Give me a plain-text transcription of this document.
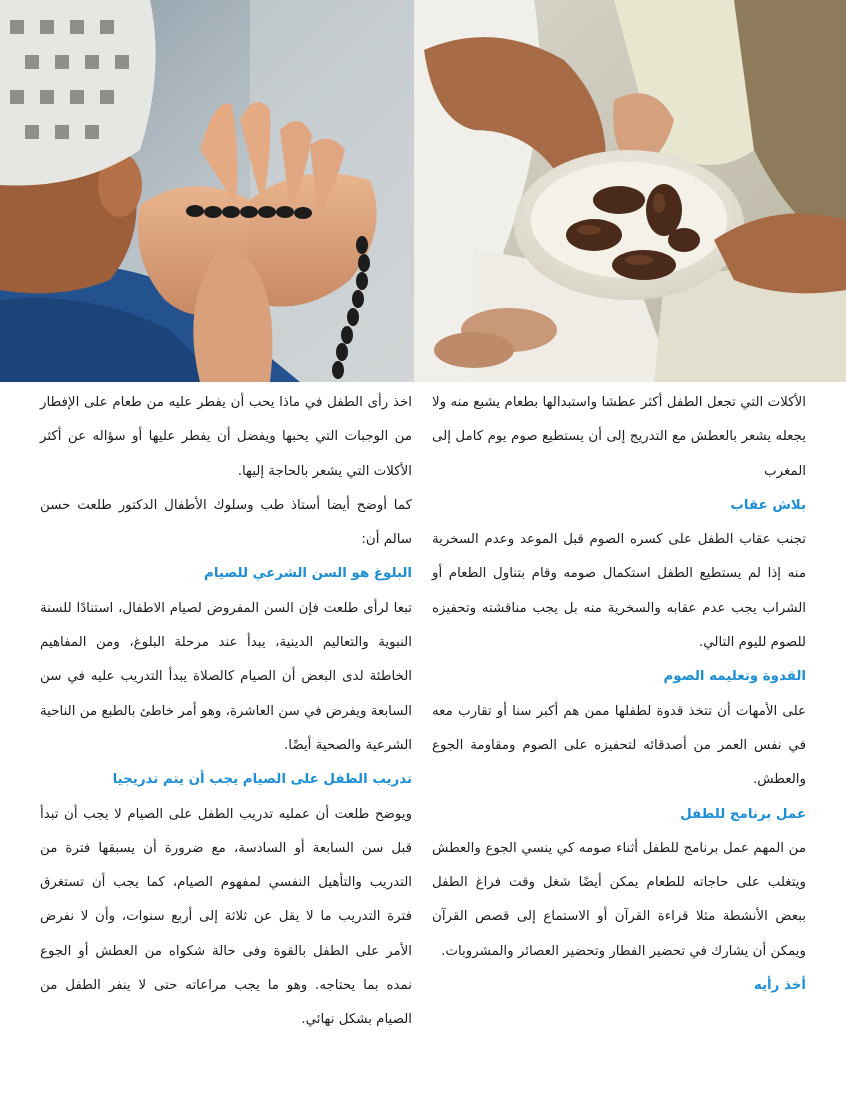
الأكلات التي تجعل الطفل أكثر عطشا واستبدالها بطعام يشبع منه ولا يجعله يشعر بالعطش مع التدريج إلى أن يستطيع صوم يوم كامل إلى المغرب

بلاش عقاب

تجنب عقاب الطفل على كسره الصوم قبل الموعد وعدم السخرية منه إذا لم يستطيع الطفل استكمال صومه وقام بتناول الطعام أو الشراب يجب عدم عقابه والسخرية منه بل يجب مناقشته وتحفيزه للصوم لليوم التالي.

القدوة وتعليمه الصوم

على الأمهات أن تتخذ قدوة لطفلها ممن هم أكبر سنا أو تقارب معه في نفس العمر من أصدقائه لتحفيزه على الصوم ومقاومة الجوع والعطش.

عمل برنامج للطفل

من المهم عمل برنامج للطفل أثناء صومه كي ينسي الجوع والعطش ويتغلب على حاجاته للطعام يمكن أيضًا شغل وقت فراغ الطفل ببعض الأنشطة مثلا قراءة القرآن أو الاستماع إلى قصص القرآن ويمكن أن يشارك في تحضير الفطار وتحضير العصائر والمشروبات.

أخذ رأيه

اخذ رأى الطفل في ماذا يحب أن يفطر عليه من طعام على الإفطار من الوجبات التي يحبها ويفضل أن يفطر عليها أو سؤاله عن أكثر الأكلات التي يشعر بالحاجة إليها.

كما أوضح أيضا أستاذ طب وسلوك الأطفال الدكتور طلعت حسن سالم أن:

البلوغ هو السن الشرعي للصيام

تبعا لرأى طلعت فإن السن المفروض لصيام الاطفال، استنادًا للسنة النبوية والتعاليم الدينية، يبدأ عند مرحلة البلوغ، ومن المفاهيم الخاطئة لدى البعض أن الصيام كالصلاة يبدأ التدريب عليه في سن السابعة ويفرض في سن العاشرة، وهو أمر خاطئ بالطبع من الناحية الشرعية والصحية أيضًا.

تدريب الطفل على الصيام يجب أن يتم تدريجيا

ويوضح طلعت أن عمليه تدريب الطفل على الصيام لا يجب أن تبدأ قبل سن السابعة أو السادسة، مع ضرورة أن يسبقها فترة من التدريب والتأهيل النفسي لمفهوم الصيام، كما يجب أن تستغرق فترة التدريب ما لا يقل عن ثلاثة إلى أربع سنوات، وأن لا نفرض الأمر على الطفل بالقوة وفى حالة شكواه من العطش أو الجوع نمده بما يحتاجه. وهو ما يجب مراعاته حتى لا ينفر الطفل من الصيام بشكل نهائي.
